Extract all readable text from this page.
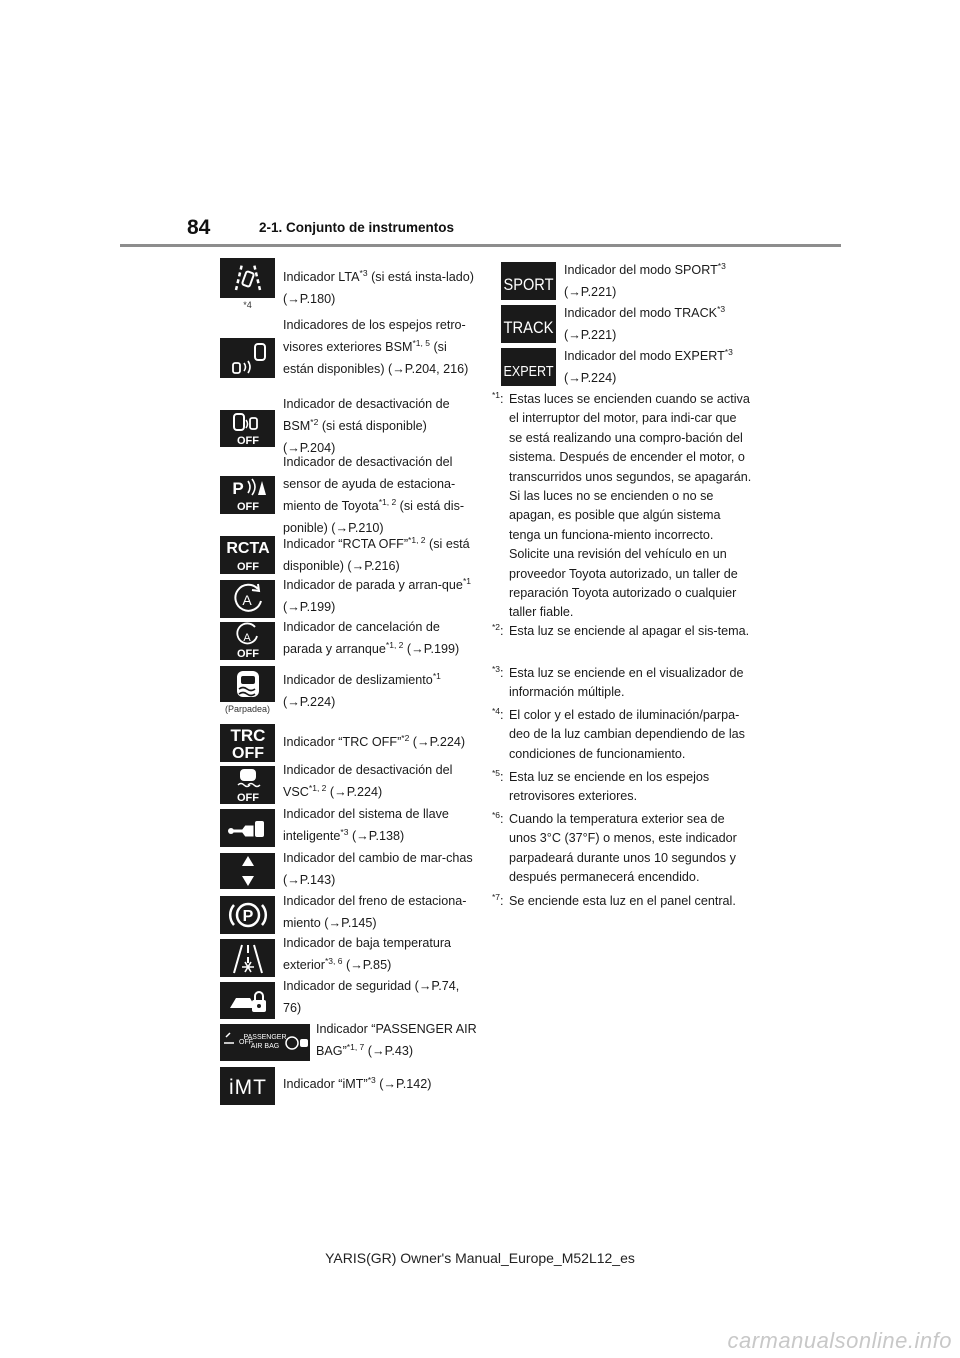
84	2-1. Conjunto de instrumentos
YARIS(GR) Owner's Manual_Europe_M52L12_es
carmanualsonline.info
*4
Indicador LTA$^{*3}$ (si está insta-lado) (→P.180)
Indicadores de los espejos retro-visores exteriores BSM$^{*1, 5}$ (si están disponibles) (→P.204, 216)
OFF
Indicador de desactivación de BSM$^{*2}$ (si está disponible) (→P.204)
P
OFF
Indicador de desactivación del sensor de ayuda de estaciona-miento de Toyota$^{*1, 2}$ (si está dis-ponible) (→P.210)
RCTA
OFF
Indicador “RCTA OFF”$^{*1, 2}$ (si está disponible) (→P.216)
A
Indicador de parada y arran-que$^{*1}$ (→P.199)
A
OFF
Indicador de cancelación de parada y arranque$^{*1, 2}$ (→P.199)
(Parpadea)
Indicador de deslizamiento$^{*1}$ (→P.224)
TRC
OFF
Indicador “TRC OFF”$^{*2}$ (→P.224)
OFF
Indicador de desactivación del VSC$^{*1, 2}$ (→P.224)
Indicador del sistema de llave inteligente$^{*3}$ (→P.138)
Indicador del cambio de mar-chas (→P.143)
P
Indicador del freno de estaciona-miento (→P.145)
Indicador de baja temperatura exterior$^{*3, 6}$ (→P.85)
Indicador de seguridad (→P.74, 76)
OFF
PASSENGER
AIR BAG
Indicador “PASSENGER AIR BAG”$^{*1, 7}$ (→P.43)
iMT Indicador “iMT”$^{*3}$ (→P.142)
SPORT
Indicador del modo SPORT$^{*3}$
(→P.221)
TRACK
Indicador del modo TRACK$^{*3}$
(→P.221)
EXPERT
Indicador del modo EXPERT$^{*3}$
(→P.224)
$^{*1}$: Estas luces se encienden cuando se activa el interruptor del motor, para indi-car que se está realizando una compro-bación del sistema. Después de encender el motor, o transcurridos unos segundos, se apagarán. Si las luces no se encienden o no se apagan, es posible que algún sistema tenga un funciona-miento incorrecto. Solicite una revisión del vehículo en un proveedor Toyota autorizado, un taller de reparación Toyota autorizado o cualquier taller fiable.
$^{*2}$: Esta luz se enciende al apagar el sis-tema.
$^{*3}$: Esta luz se enciende en el visualizador de información múltiple.
$^{*4}$: El color y el estado de iluminación/parpa-deo de la luz cambian dependiendo de las condiciones de funcionamiento.
$^{*5}$: Esta luz se enciende en los espejos retrovisores exteriores.
$^{*6}$: Cuando la temperatura exterior sea de unos 3°C (37°F) o menos, este indicador parpadeará durante unos 10 segundos y después permanecerá encendido.
$^{*7}$: Se enciende esta luz en el panel central.
